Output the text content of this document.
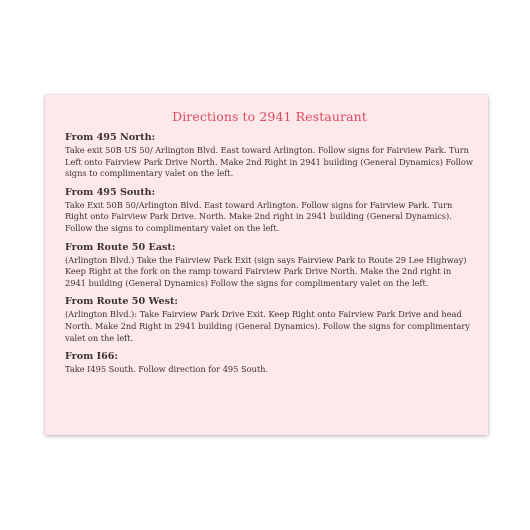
Directions to 2941 Restaurant
From 495 North:
Take exit 50B US 50/ Arlington Blvd. East toward Arlington. Follow signs for Fairview Park. Turn Left onto Fairview Park Drive North. Make 2nd Right in 2941 building (General Dynamics) Follow signs to complimentary valet on the left.
From 495 South:
Take Exit 50B 50/Arlington Blvd. East toward Arlington. Follow signs for Fairview Park. Turn Right onto Fairview Park Drive. North. Make 2nd right in 2941 building (General Dynamics). Follow the signs to complimentary valet on the left.
From Route 50 East:
(Arlington Blvd.) Take the Fairview Park Exit (sign says Fairview Park to Route 29 Lee Highway) Keep Right at the fork on the ramp toward Fairview Park Drive North. Make the 2nd right in 2941 building (General Dynamics) Follow the signs for complimentary valet on the left.
From Route 50 West:
(Arlington Blvd.): Take Fairview Park Drive Exit. Keep Right onto Fairview Park Drive and head North. Make 2nd Right in 2941 building (General Dynamics). Follow the signs for complimentary valet on the left.
From I66:
Take I495 South. Follow direction for 495 South.
